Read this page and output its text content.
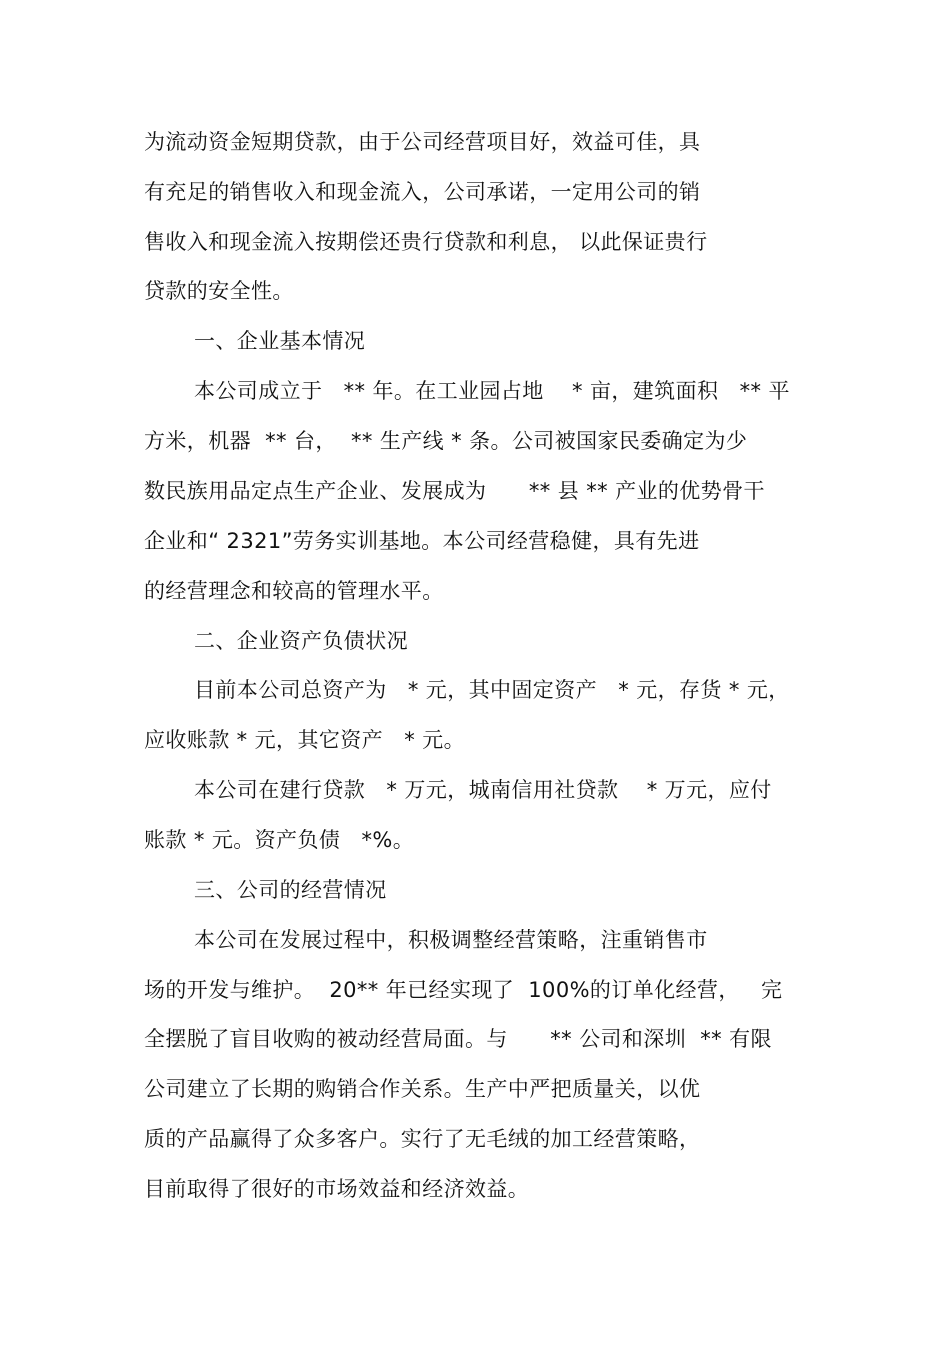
为流动资金短期贷款，由于公司经营项目好，效益可佳，具
有充足的销售收入和现金流入，公司承诺，一定用公司的销
售收入和现金流入按期偿还贵行贷款和利息， 以此保证贵行
贷款的安全性。
一、企业基本情况
本公司成立于   ** 年。在工业园占地    * 亩，建筑面积   ** 平
方米，机器  ** 台，  ** 生产线 * 条。公司被国家民委确定为少
数民族用品定点生产企业、发展成为      ** 县 ** 产业的优势骨干
企业和“ 2321”劳务实训基地。本公司经营稳健，具有先进
的经营理念和较高的管理水平。
二、企业资产负债状况
目前本公司总资产为   * 元，其中固定资产   * 元，存货 * 元，
应收账款 * 元，其它资产   * 元。
本公司在建行贷款   * 万元，城南信用社贷款    * 万元，应付
账款 * 元。资产负债   *%。
三、公司的经营情况
本公司在发展过程中，积极调整经营策略，注重销售市
场的开发与维护。  20** 年已经实现了  100%的订单化经营，   完
全摆脱了盲目收购的被动经营局面。与      ** 公司和深圳  ** 有限
公司建立了长期的购销合作关系。生产中严把质量关，以优
质的产品赢得了众多客户。实行了无毛绒的加工经营策略，
目前取得了很好的市场效益和经济效益。
